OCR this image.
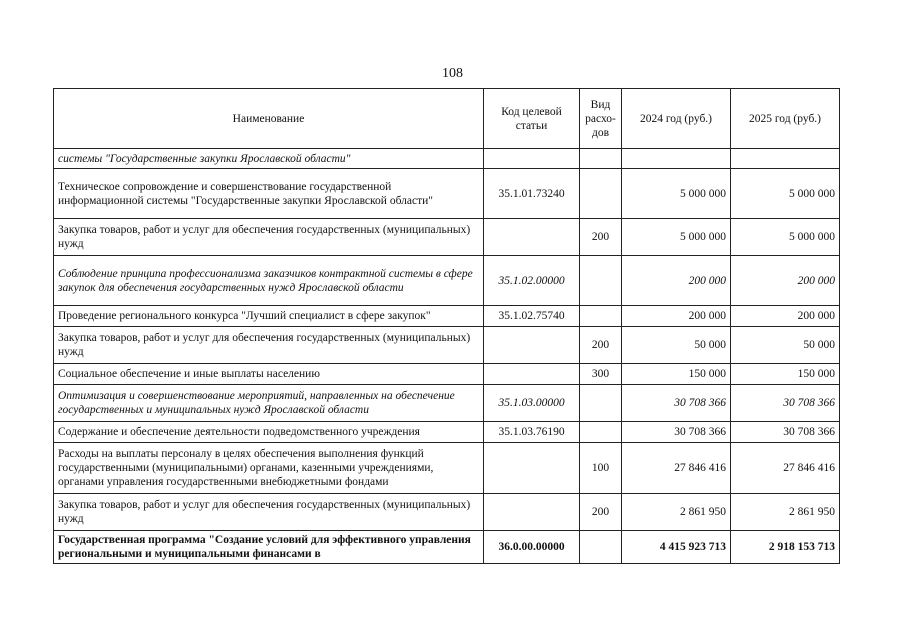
108
Наименование	Код целевой статьи	Вид расхо-дов	2024 год (руб.)	2025 год (руб.)
системы "Государственные закупки Ярославской области"				
Техническое сопровождение и совершенствование государственной информационной системы "Государственные закупки Ярославской области"	35.1.01.73240		5 000 000	5 000 000
Закупка товаров, работ и услуг для обеспечения государственных (муниципальных) нужд		200	5 000 000	5 000 000
Соблюдение принципа профессионализма заказчиков контрактной системы в сфере закупок для обеспечения государственных нужд Ярославской области	35.1.02.00000		200 000	200 000
Проведение регионального конкурса "Лучший специалист в сфере закупок"	35.1.02.75740		200 000	200 000
Закупка товаров, работ и услуг для обеспечения государственных (муниципальных) нужд		200	50 000	50 000
Социальное обеспечение и иные выплаты населению		300	150 000	150 000
Оптимизация и совершенствование мероприятий, направленных на обеспечение государственных и муниципальных нужд Ярославской области	35.1.03.00000		30 708 366	30 708 366
Содержание и обеспечение деятельности подведомственного учреждения	35.1.03.76190		30 708 366	30 708 366
Расходы на выплаты персоналу в целях обеспечения выполнения функций государственными (муниципальными) органами, казенными учреждениями, органами управления государственными внебюджетными фондами		100	27 846 416	27 846 416
Закупка товаров, работ и услуг для обеспечения государственных (муниципальных) нужд		200	2 861 950	2 861 950
Государственная программа "Создание условий для эффективного управления региональными и муниципальными финансами в	36.0.00.00000		4 415 923 713	2 918 153 713
